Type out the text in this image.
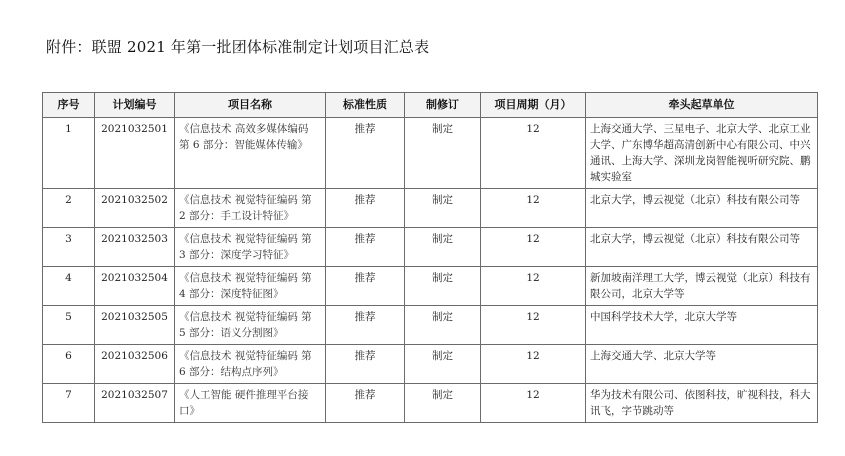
附件：联盟 2021 年第一批团体标准制定计划项目汇总表
序号	计划编号	项目名称	标准性质	制修订	项目周期（月）	牵头起草单位
1	2021032501	《信息技术 高效多媒体编码 第 6 部分：智能媒体传输》	推荐	制定	12	上海交通大学、三星电子、北京大学、北京工业大学、广东博华超高清创新中心有限公司、中兴通讯、上海大学、深圳龙岗智能视听研究院、鹏城实验室
2	2021032502	《信息技术 视觉特征编码 第 2 部分：手工设计特征》	推荐	制定	12	北京大学，博云视觉（北京）科技有限公司等
3	2021032503	《信息技术 视觉特征编码 第 3 部分：深度学习特征》	推荐	制定	12	北京大学，博云视觉（北京）科技有限公司等
4	2021032504	《信息技术 视觉特征编码 第 4 部分：深度特征图》	推荐	制定	12	新加坡南洋理工大学，博云视觉（北京）科技有限公司，北京大学等
5	2021032505	《信息技术 视觉特征编码 第 5 部分：语义分割图》	推荐	制定	12	中国科学技术大学，北京大学等
6	2021032506	《信息技术 视觉特征编码 第 6 部分：结构点序列》	推荐	制定	12	上海交通大学、北京大学等
7	2021032507	《人工智能 硬件推理平台接口》	推荐	制定	12	华为技术有限公司、依图科技，旷视科技，科大讯飞，字节跳动等
